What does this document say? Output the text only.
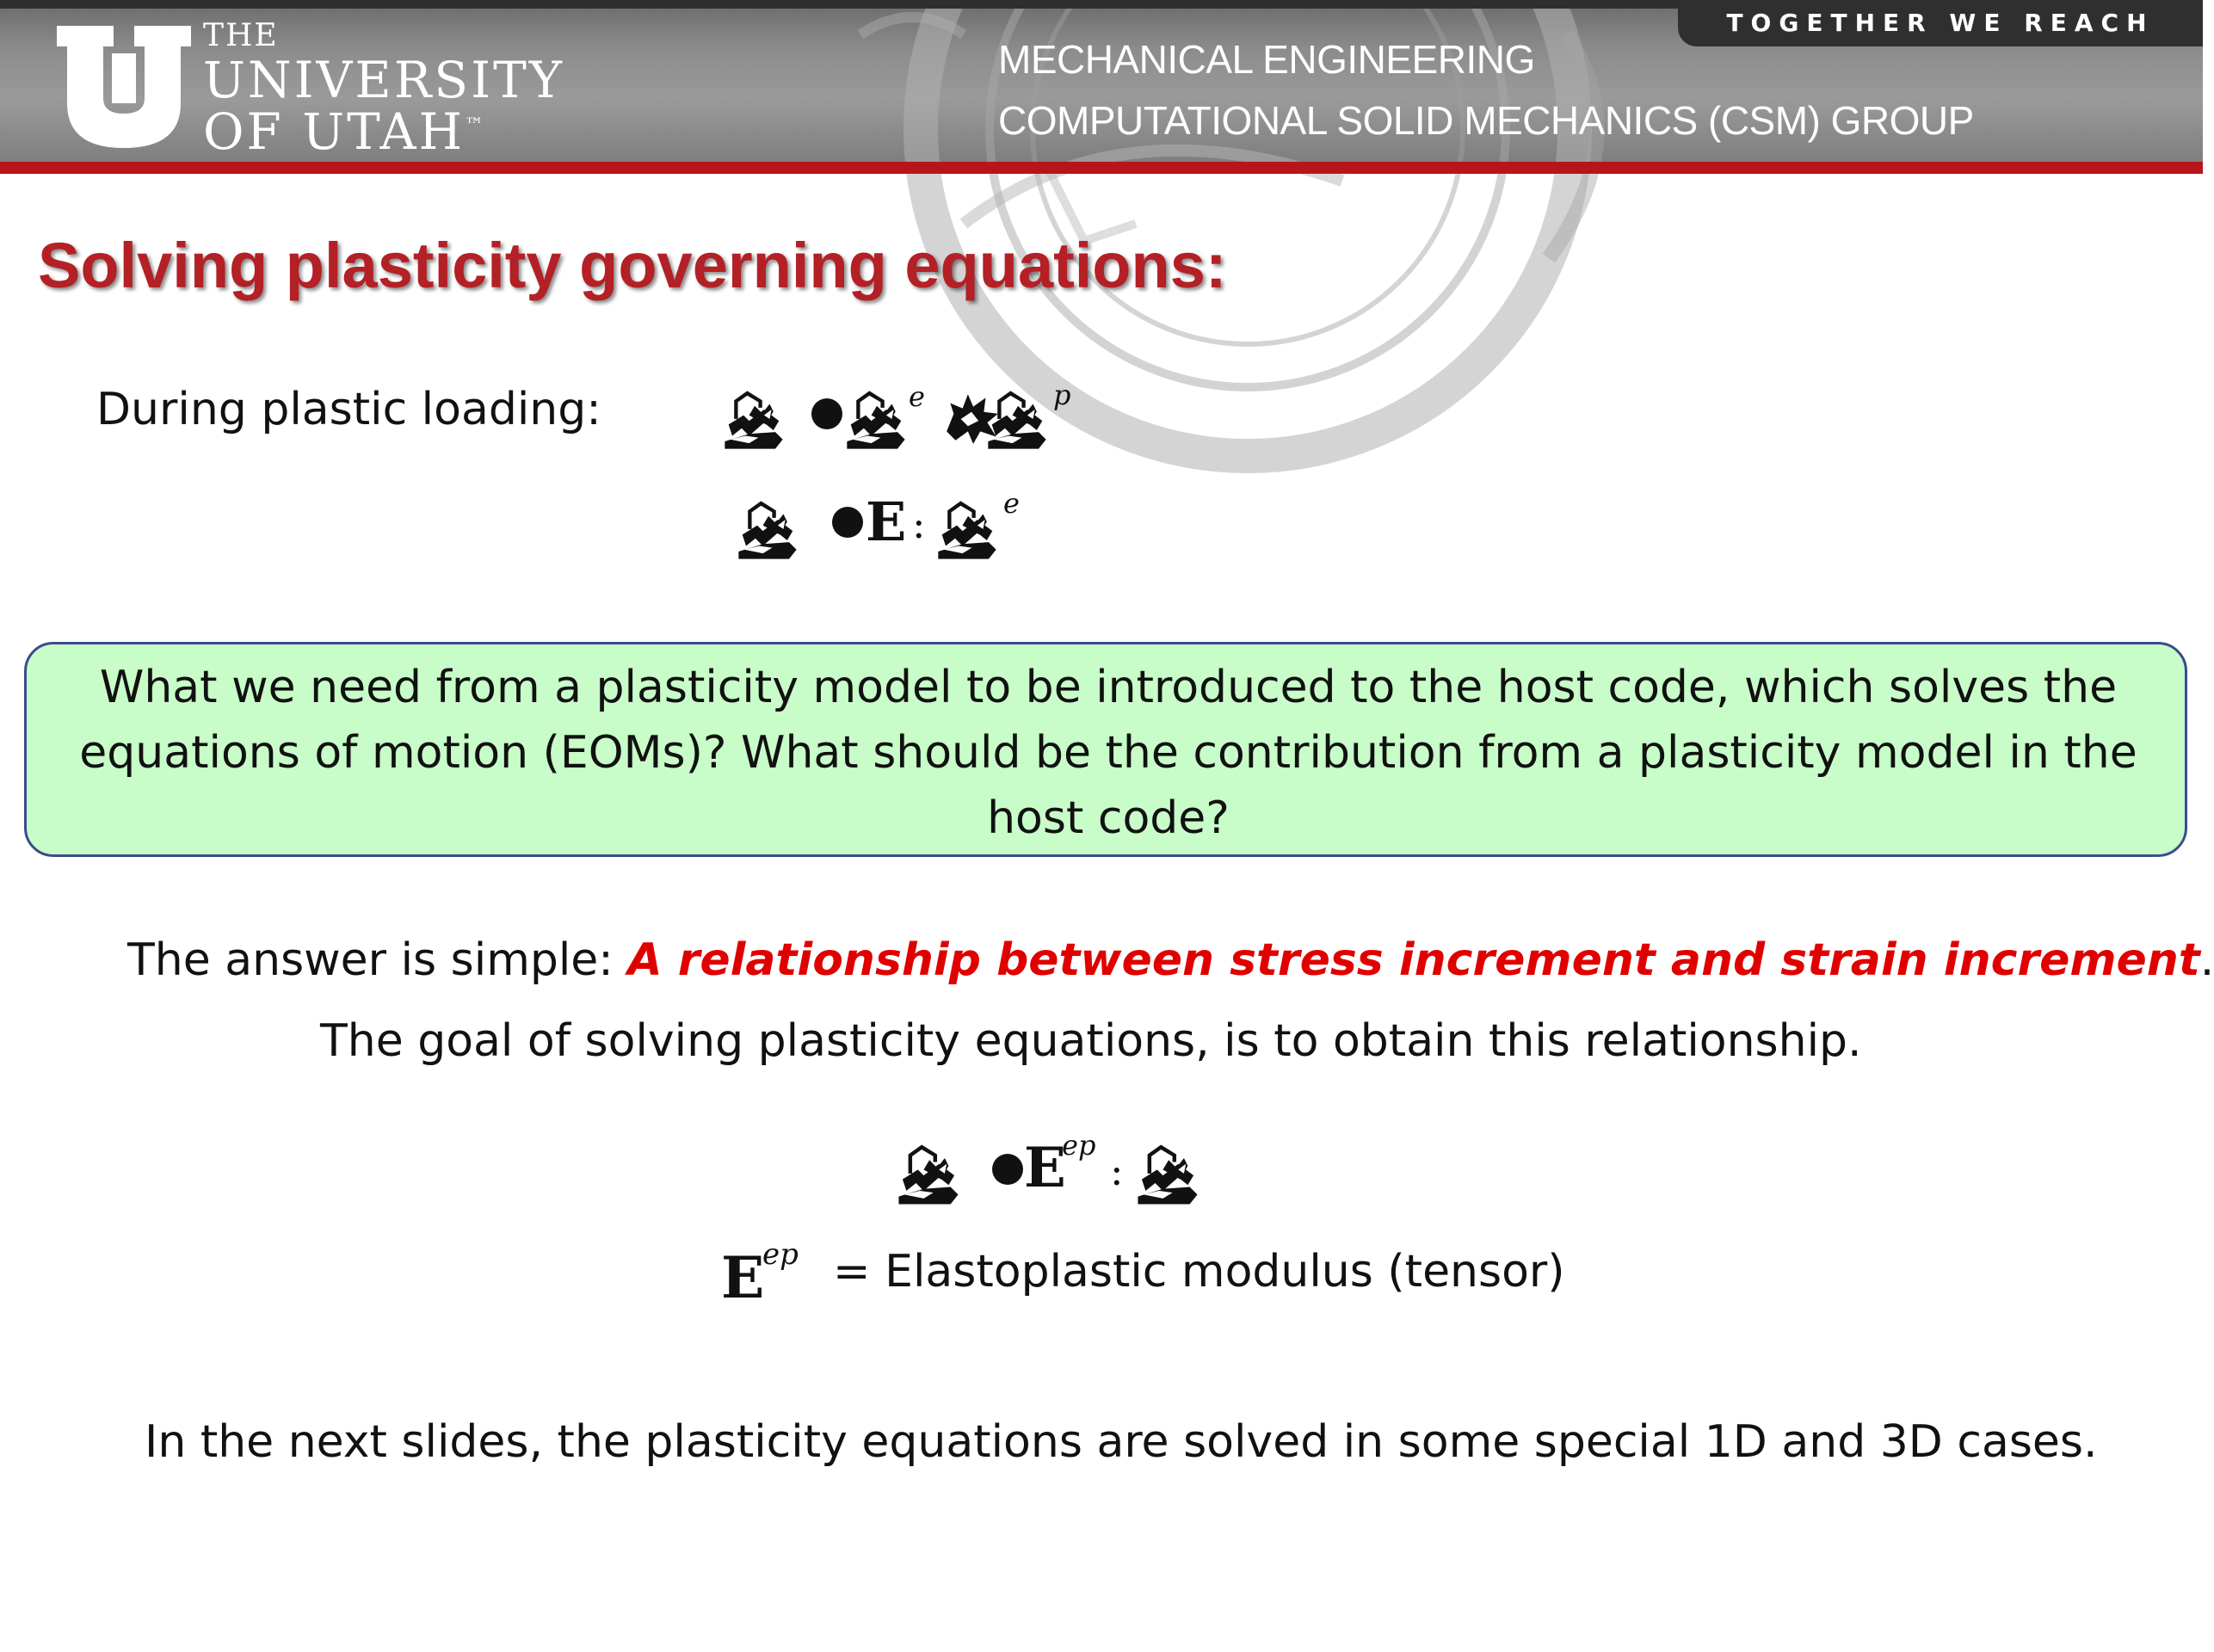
THE
UNIVERSITY
OF UTAH™
TOGETHER WE REACH
MECHANICAL ENGINEERING
COMPUTATIONAL SOLID MECHANICS (CSM) GROUP
Solving plasticity governing equations:
During plastic loading:	e	p
E :	e
What we need from a plasticity model to be introduced to the host code, which solves the
equations of motion (EOMs)? What should be the contribution from a plasticity model in the
host code?
The answer is simple: A relationship between stress increment and strain increment.
The goal of solving plasticity equations, is to obtain this relationship.
E
ep
:
E
ep = Elastoplastic modulus (tensor)
In the next slides, the plasticity equations are solved in some special 1D and 3D cases.
